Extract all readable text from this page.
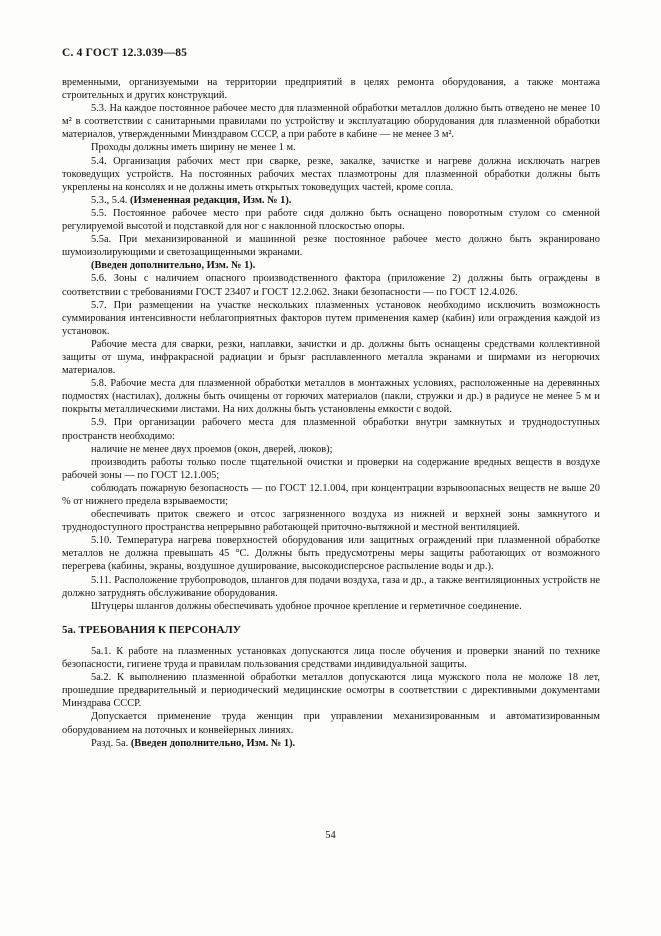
С. 4 ГОСТ 12.3.039—85

временными, организуемыми на территории предприятий в целях ремонта оборудования, а также монтажа строительных и других конструкций.

5.3. На каждое постоянное рабочее место для плазменной обработки металлов должно быть отведено не менее 10 м² в соответствии с санитарными правилами по устройству и эксплуатацию оборудования для плазменной обработки материалов, утвержденными Минздравом СССР, а при работе в кабине — не менее 3 м².

Проходы должны иметь ширину не менее 1 м.

5.4. Организация рабочих мест при сварке, резке, закалке, зачистке и нагреве должна исключать нагрев токоведущих устройств. На постоянных рабочих местах плазмотроны для плазменной обработки должны быть укреплены на консолях и не должны иметь открытых токоведущих частей, кроме сопла.

5.3., 5.4. (Измененная редакция, Изм. № 1).

5.5. Постоянное рабочее место при работе сидя должно быть оснащено поворотным стулом со сменной регулируемой высотой и подставкой для ног с наклонной плоскостью опоры.

5.5а. При механизированной и машинной резке постоянное рабочее место должно быть экранировано шумоизолирующими и светозащищенными экранами.

(Введен дополнительно, Изм. № 1).

5.6. Зоны с наличием опасного производственного фактора (приложение 2) должны быть ограждены в соответствии с требованиями ГОСТ 23407 и ГОСТ 12.2.062. Знаки безопасности — по ГОСТ 12.4.026.

5.7. При размещении на участке нескольких плазменных установок необходимо исключить возможность суммирования интенсивности неблагоприятных факторов путем применения камер (кабин) или ограждения каждой из установок.

Рабочие места для сварки, резки, наплавки, зачистки и др. должны быть оснащены средствами коллективной защиты от шума, инфракрасной радиации и брызг расплавленного металла экранами и ширмами из негорючих материалов.

5.8. Рабочие места для плазменной обработки металлов в монтажных условиях, расположенные на деревянных подмостях (настилах), должны быть очищены от горючих материалов (пакли, стружки и др.) в радиусе не менее 5 м и покрыты металлическими листами. На них должны быть установлены емкости с водой.

5.9. При организации рабочего места для плазменной обработки внутри замкнутых и труднодоступных пространств необходимо:

наличие не менее двух проемов (окон, дверей, люков);

производить работы только после тщательной очистки и проверки на содержание вредных веществ в воздухе рабочей зоны — по ГОСТ 12.1.005;

соблюдать пожарную безопасность — по ГОСТ 12.1.004, при концентрации взрывоопасных веществ не выше 20 % от нижнего предела взрываемости;

обеспечивать приток свежего и отсос загрязненного воздуха из нижней и верхней зоны замкнутого и труднодоступного пространства непрерывно работающей приточно-вытяжной и местной вентиляцией.

5.10. Температура нагрева поверхностей оборудования или защитных ограждений при плазменной обработке металлов не должна превышать 45 °С. Должны быть предусмотрены меры защиты работающих от возможного перегрева (кабины, экраны, воздушное душирование, высокодисперсное распыление воды и др.).

5.11. Расположение трубопроводов, шлангов для подачи воздуха, газа и др., а также вентиляционных устройств не должно затруднять обслуживание оборудования.

Штуцеры шлангов должны обеспечивать удобное прочное крепление и герметичное соединение.

5а. ТРЕБОВАНИЯ К ПЕРСОНАЛУ

5а.1. К работе на плазменных установках допускаются лица после обучения и проверки знаний по технике безопасности, гигиене труда и правилам пользования средствами индивидуальной защиты.

5а.2. К выполнению плазменной обработки металлов допускаются лица мужского пола не моложе 18 лет, прошедшие предварительный и периодический медицинские осмотры в соответствии с директивными документами Минздрава СССР.

Допускается применение труда женщин при управлении механизированным и автоматизированным оборудованием на поточных и конвейерных линиях.

Разд. 5а. (Введен дополнительно, Изм. № 1).

54
